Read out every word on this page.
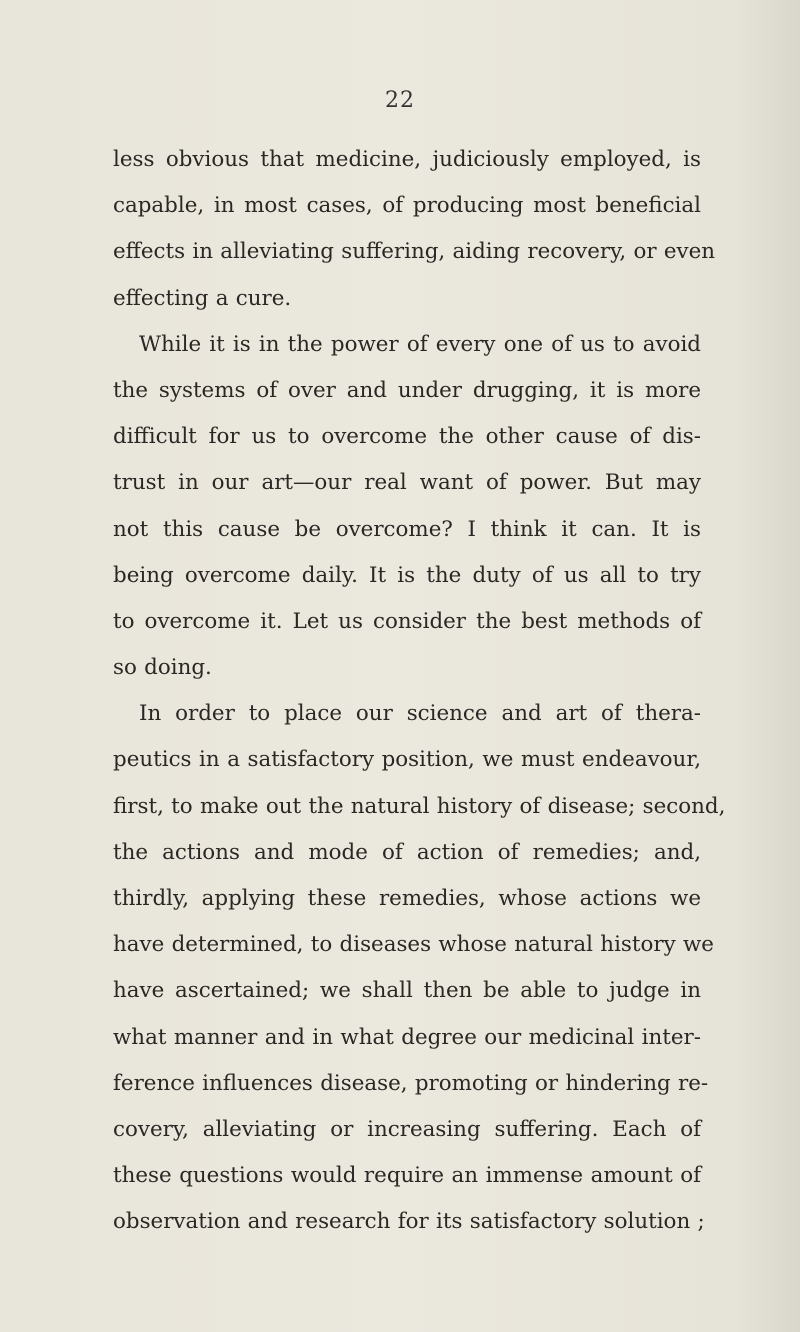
22
less obvious that medicine, judiciously employed, is
capable, in most cases, of producing most beneficial
effects in alleviating suffering, aiding recovery, or even
effecting a cure.
While it is in the power of every one of us to avoid
the systems of over and under drugging, it is more
difficult for us to overcome the other cause of dis-
trust in our art—our real want of power. But may
not this cause be overcome? I think it can. It is
being overcome daily. It is the duty of us all to try
to overcome it. Let us consider the best methods of
so doing.
In order to place our science and art of thera-
peutics in a satisfactory position, we must endeavour,
first, to make out the natural history of disease; second,
the actions and mode of action of remedies; and,
thirdly, applying these remedies, whose actions we
have determined, to diseases whose natural history we
have ascertained; we shall then be able to judge in
what manner and in what degree our medicinal inter-
ference influences disease, promoting or hindering re-
covery, alleviating or increasing suffering. Each of
these questions would require an immense amount of
observation and research for its satisfactory solution ;
